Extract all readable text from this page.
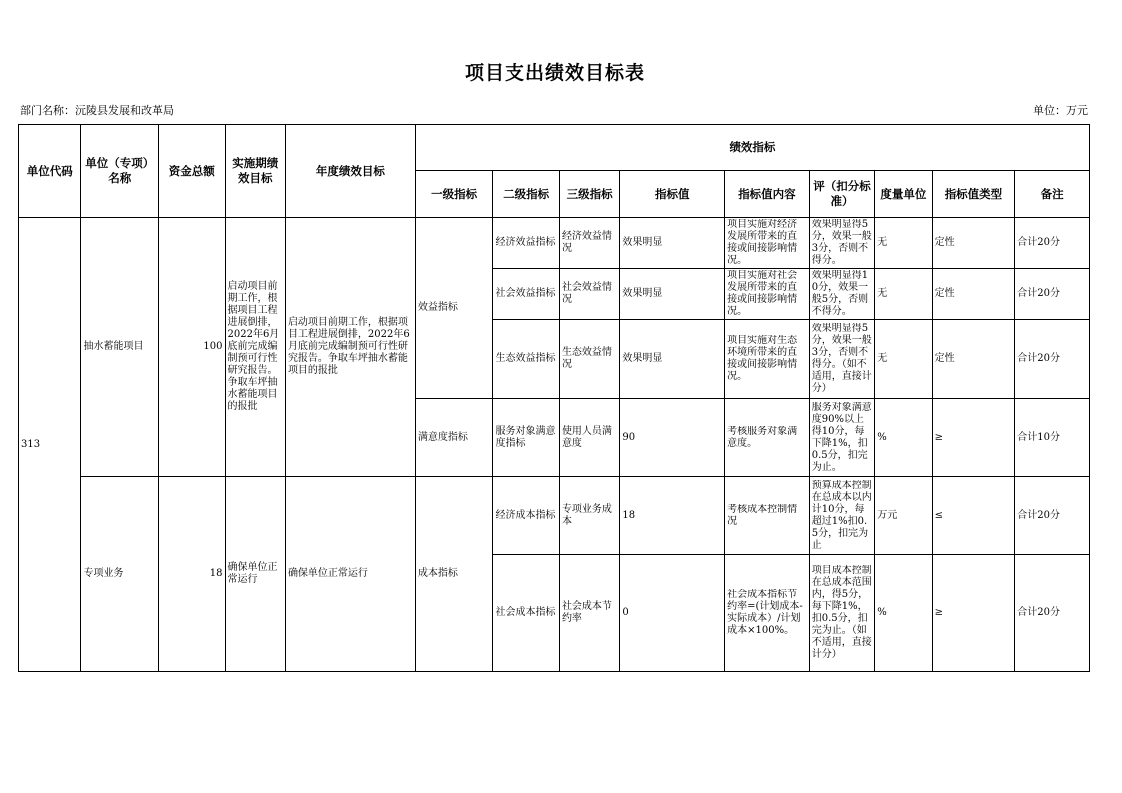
项目支出绩效目标表
部门名称：沅陵县发展和改革局	单位：万元
单位代码	单位（专项）名称	资金总额	实施期绩效目标	年度绩效目标	绩效指标								
					一级指标	二级指标	三级指标	指标值	指标值内容	评（扣分标准）	度量单位	指标值类型	备注
313	抽水蓄能项目	100	启动项目前期工作，根据项目工程进展倒排，2022年6月底前完成编制预可行性研究报告。争取车坪抽水蓄能项目的报批	启动项目前期工作，根据项目工程进展倒排，2022年6月底前完成编制预可行性研究报告。争取车坪抽水蓄能项目的报批	效益指标	经济效益指标	经济效益情况	效果明显	项目实施对经济发展所带来的直接或间接影响情况。	效果明显得5分，效果一般3分，否则不得分。	无	定性	合计20分
						社会效益指标	社会效益情况	效果明显	项目实施对社会发展所带来的直接或间接影响情况。	效果明显得10分，效果一般5分，否则不得分。	无	定性	合计20分
						生态效益指标	生态效益情况	效果明显	项目实施对生态环境所带来的直接或间接影响情况。	效果明显得5分，效果一般3分，否则不得分。（如不适用，直接计分）	无	定性	合计20分
					满意度指标	服务对象满意度指标	使用人员满意度	90	考核服务对象满意度。	服务对象满意度90%以上得10分，每下降1%，扣0.5分，扣完为止。	%	≥	合计10分
	专项业务	18	确保单位正常运行	确保单位正常运行	成本指标	经济成本指标	专项业务成本	18	考核成本控制情况	预算成本控制在总成本以内计10分，每超过1%扣0.5分，扣完为止	万元	≤	合计20分
						社会成本指标	社会成本节约率	0	社会成本指标节约率=(计划成本-实际成本）/计划成本×100%。	项目成本控制在总成本范围内，得5分，每下降1%，扣0.5分，扣完为止。（如不适用，直接计分）	%	≥	合计20分
